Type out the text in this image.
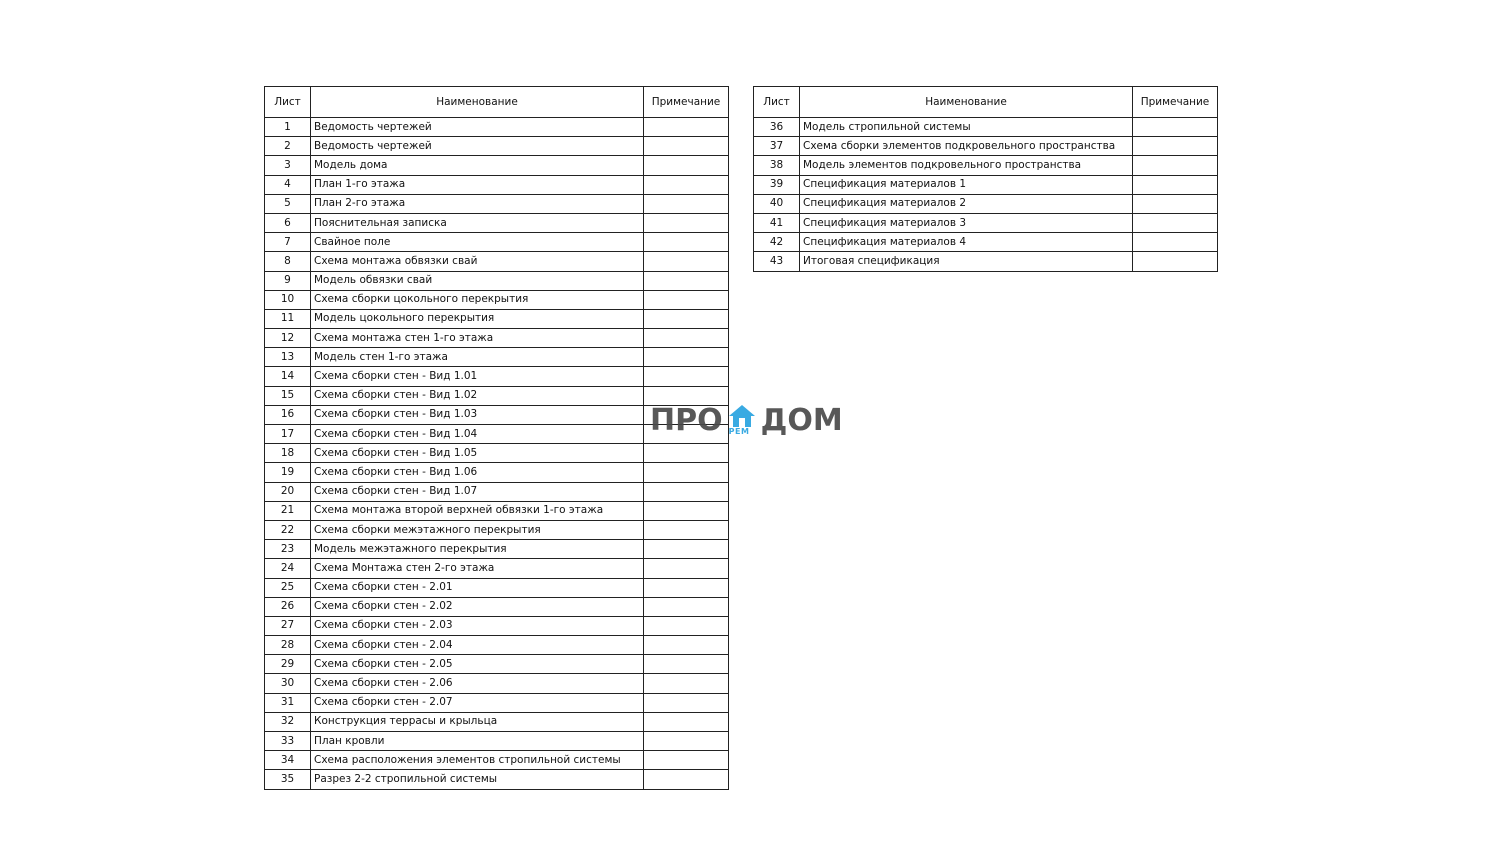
Лист	Наименование	Примечание
1	Ведомость чертежей	
2	Ведомость чертежей	
3	Модель дома	
4	План 1-го этажа	
5	План 2-го этажа	
6	Пояснительная записка	
7	Свайное поле	
8	Схема монтажа обвязки свай	
9	Модель обвязки свай	
10	Схема сборки цокольного перекрытия	
11	Модель цокольного перекрытия	
12	Схема монтажа стен 1-го этажа	
13	Модель стен 1-го этажа	
14	Схема сборки стен - Вид 1.01	
15	Схема сборки стен - Вид 1.02	
16	Схема сборки стен - Вид 1.03	
17	Схема сборки стен - Вид 1.04	
18	Схема сборки стен - Вид 1.05	
19	Схема сборки стен - Вид 1.06	
20	Схема сборки стен - Вид 1.07	
21	Схема монтажа второй верхней обвязки 1-го этажа	
22	Схема сборки межэтажного перекрытия	
23	Модель межэтажного перекрытия	
24	Схема Монтажа стен 2-го этажа	
25	Схема сборки стен - 2.01	
26	Схема сборки стен - 2.02	
27	Схема сборки стен - 2.03	
28	Схема сборки стен - 2.04	
29	Схема сборки стен - 2.05	
30	Схема сборки стен - 2.06	
31	Схема сборки стен - 2.07	
32	Конструкция террасы и крыльца	
33	План кровли	
34	Схема расположения элементов стропильной системы	
35	Разрез 2-2 стропильной системы	
Лист	Наименование	Примечание
36	Модель стропильной системы	
37	Схема сборки элементов подкровельного пространства	
38	Модель элементов подкровельного пространства	
39	Спецификация материалов 1	
40	Спецификация материалов 2	
41	Спецификация материалов 3	
42	Спецификация материалов 4	
43	Итоговая спецификация	
ПРО РЕМ ДОМ
